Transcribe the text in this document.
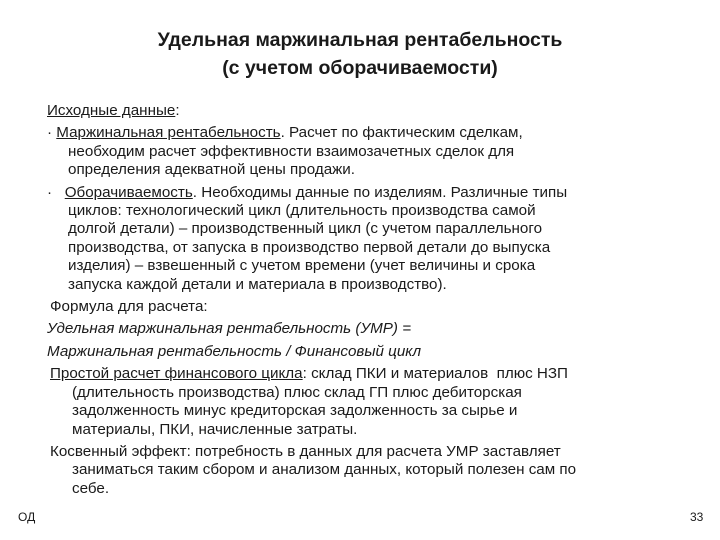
Удельная маржинальная рентабельность
(с учетом оборачиваемости)
Исходные данные:
· Маржинальная рентабельность. Расчет по фактическим сделкам,
необходим расчет эффективности взаимозачетных сделок для
определения адекватной цены продажи.
·   Оборачиваемость. Необходимы данные по изделиям. Различные типы
циклов: технологический цикл (длительность производства самой
долгой детали) – производственный цикл (с учетом параллельного
производства, от запуска в производство первой детали до выпуска
изделия) – взвешенный с учетом времени (учет величины и срока
запуска каждой детали и материала в производство).
Формула для расчета:
Удельная маржинальная рентабельность (УМР) =
Маржинальная рентабельность / Финансовый цикл
Простой расчет финансового цикла: склад ПКИ и материалов  плюс НЗП
(длительность производства) плюс склад ГП плюс дебиторская
задолженность минус кредиторская задолженность за сырье и
материалы, ПКИ, начисленные затраты.
Косвенный эффект: потребность в данных для расчета УМР заставляет
заниматься таким сбором и анализом данных, который полезен сам по
себе.
ОД	33
